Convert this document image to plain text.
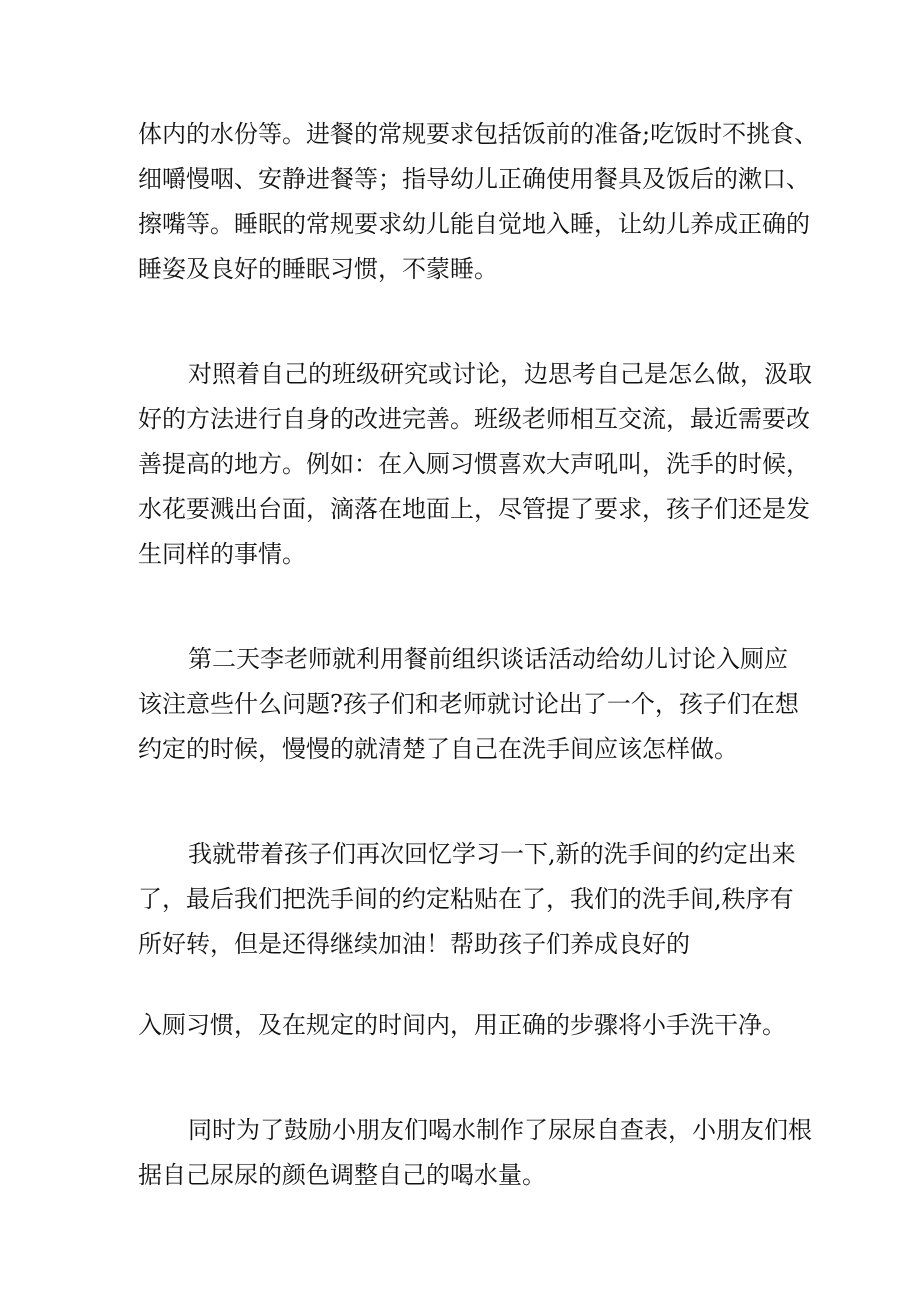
体内的水份等。进餐的常规要求包括饭前的准备;吃饭时不挑食、
细嚼慢咽、安静进餐等；指导幼儿正确使用餐具及饭后的漱口、
擦嘴等。睡眠的常规要求幼儿能自觉地入睡，让幼儿养成正确的
睡姿及良好的睡眠习惯，不蒙睡。
对照着自己的班级研究或讨论，边思考自己是怎么做，汲取
好的方法进行自身的改进完善。班级老师相互交流，最近需要改
善提高的地方。例如：在入厕习惯喜欢大声吼叫，洗手的时候，
水花要溅出台面，滴落在地面上，尽管提了要求，孩子们还是发
生同样的事情。
第二天李老师就利用餐前组织谈话活动给幼儿讨论入厕应
该注意些什么问题?孩子们和老师就讨论出了一个，孩子们在想
约定的时候，慢慢的就清楚了自己在洗手间应该怎样做。
我就带着孩子们再次回忆学习一下,新的洗手间的约定出来
了，最后我们把洗手间的约定粘贴在了，我们的洗手间,秩序有
所好转，但是还得继续加油！帮助孩子们养成良好的
入厕习惯，及在规定的时间内，用正确的步骤将小手洗干净。
同时为了鼓励小朋友们喝水制作了尿尿自查表，小朋友们根
据自己尿尿的颜色调整自己的喝水量。
